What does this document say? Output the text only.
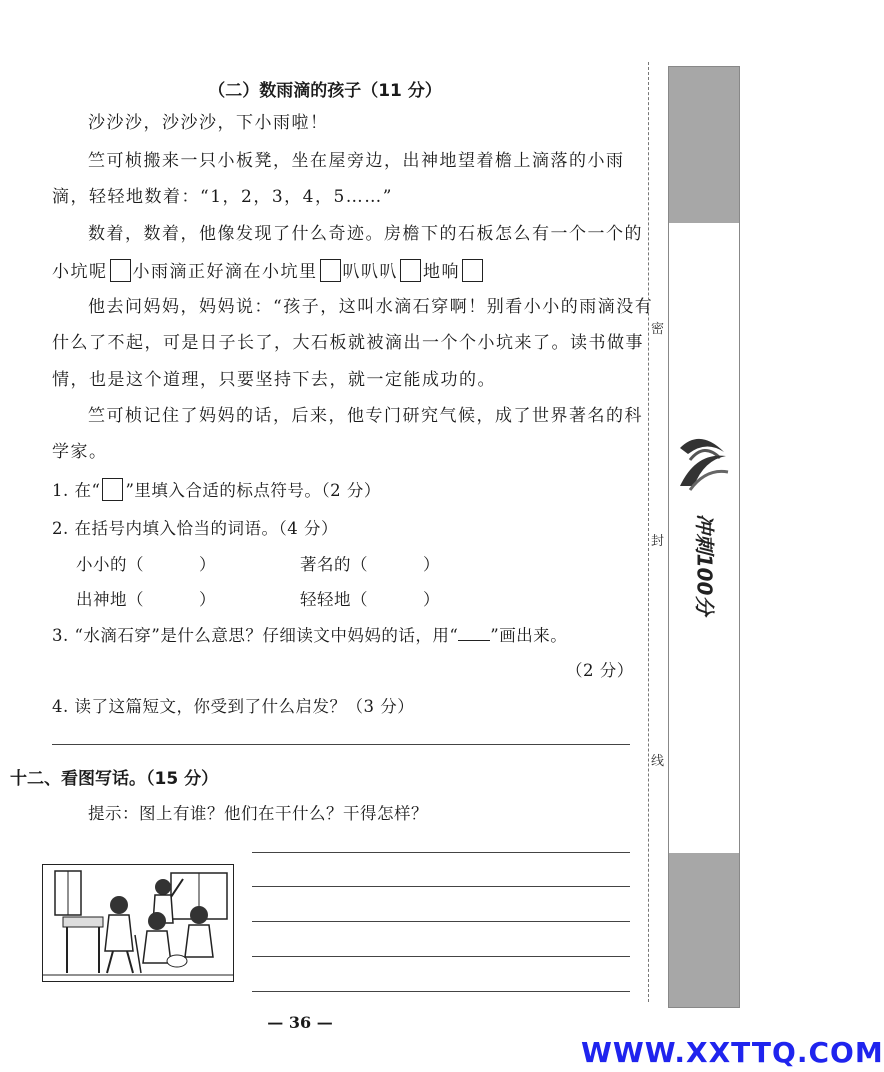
（二）数雨滴的孩子（11 分）
沙沙沙，沙沙沙，下小雨啦！
竺可桢搬来一只小板凳，坐在屋旁边，出神地望着檐上滴落的小雨
滴，轻轻地数着：“1，2，3，4，5……”
数着，数着，他像发现了什么奇迹。房檐下的石板怎么有一个一个的
小坑呢 小雨滴正好滴在小坑里 叭叭叭 地响
他去问妈妈，妈妈说：“孩子，这叫水滴石穿啊！别看小小的雨滴没有
什么了不起，可是日子长了，大石板就被滴出一个个小坑来了。读书做事
情，也是这个道理，只要坚持下去，就一定能成功的。
竺可桢记住了妈妈的话，后来，他专门研究气候，成了世界著名的科
学家。
1. 在“ ”里填入合适的标点符号。（2 分）
2. 在括号内填入恰当的词语。（4 分）
小小的（	）	著名的（	）
出神地（	）	轻轻地（	）
3. “水滴石穿”是什么意思？仔细读文中妈妈的话，用“ ”画出来。
（2 分）
4. 读了这篇短文，你受到了什么启发？（3 分）
十二、看图写话。（15 分）
提示：图上有谁？他们在干什么？干得怎样？
密
封
线
冲刺100分
— 36 —
WWW.XXTTQ.COM
